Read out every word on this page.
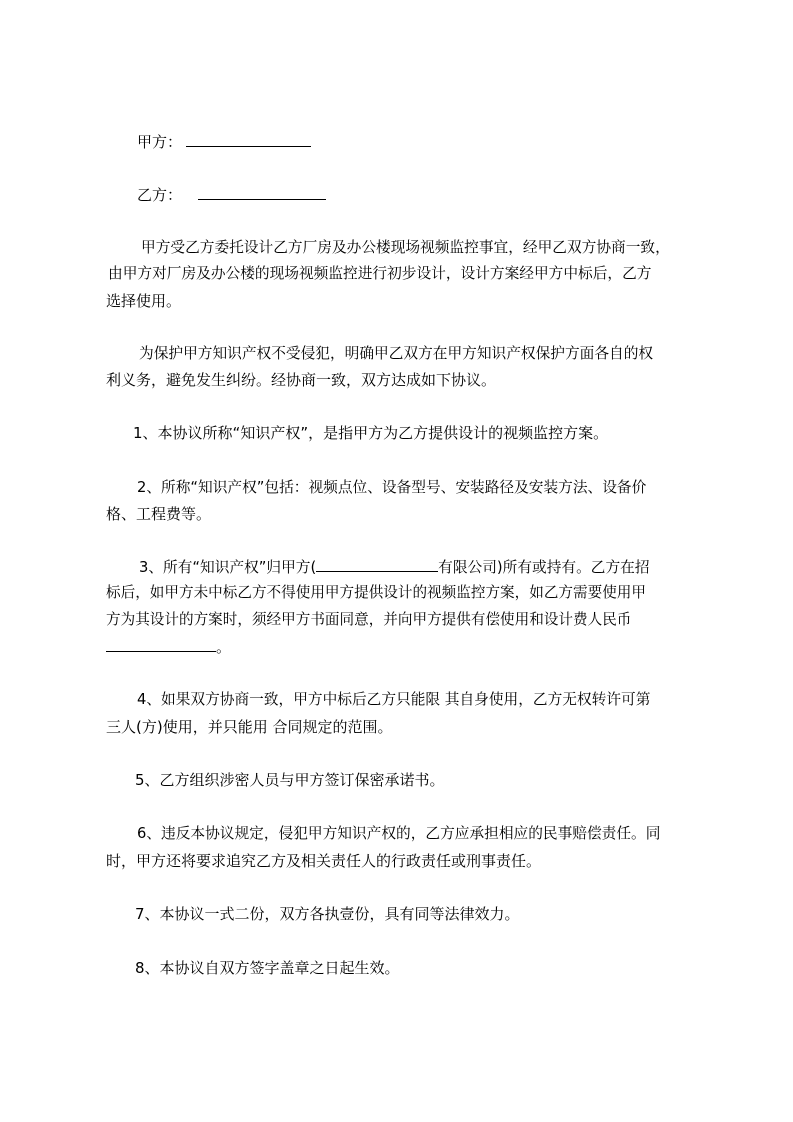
甲方：
乙方：
甲方受乙方委托设计乙方厂房及办公楼现场视频监控事宜，经甲乙双方协商一致，
由甲方对厂房及办公楼的现场视频监控进行初步设计，设计方案经甲方中标后，乙方
选择使用。
为保护甲方知识产权不受侵犯，明确甲乙双方在甲方知识产权保护方面各自的权
利义务，避免发生纠纷。经协商一致，双方达成如下协议。
1、本协议所称“知识产权”，是指甲方为乙方提供设计的视频监控方案。
2、所称“知识产权”包括：视频点位、设备型号、安装路径及安装方法、设备价
格、工程费等。
3、所有“知识产权”归甲方(	有限公司)所有或持有。乙方在招
标后，如甲方未中标乙方不得使用甲方提供设计的视频监控方案，如乙方需要使用甲
方为其设计的方案时，须经甲方书面同意，并向甲方提供有偿使用和设计费人民币
。
4、如果双方协商一致，甲方中标后乙方只能限 其自身使用，乙方无权转许可第
三人(方)使用，并只能用 合同规定的范围。
5、乙方组织涉密人员与甲方签订保密承诺书。
6、违反本协议规定，侵犯甲方知识产权的，乙方应承担相应的民事赔偿责任。同
时，甲方还将要求追究乙方及相关责任人的行政责任或刑事责任。
7、本协议一式二份，双方各执壹份，具有同等法律效力。
8、本协议自双方签字盖章之日起生效。
